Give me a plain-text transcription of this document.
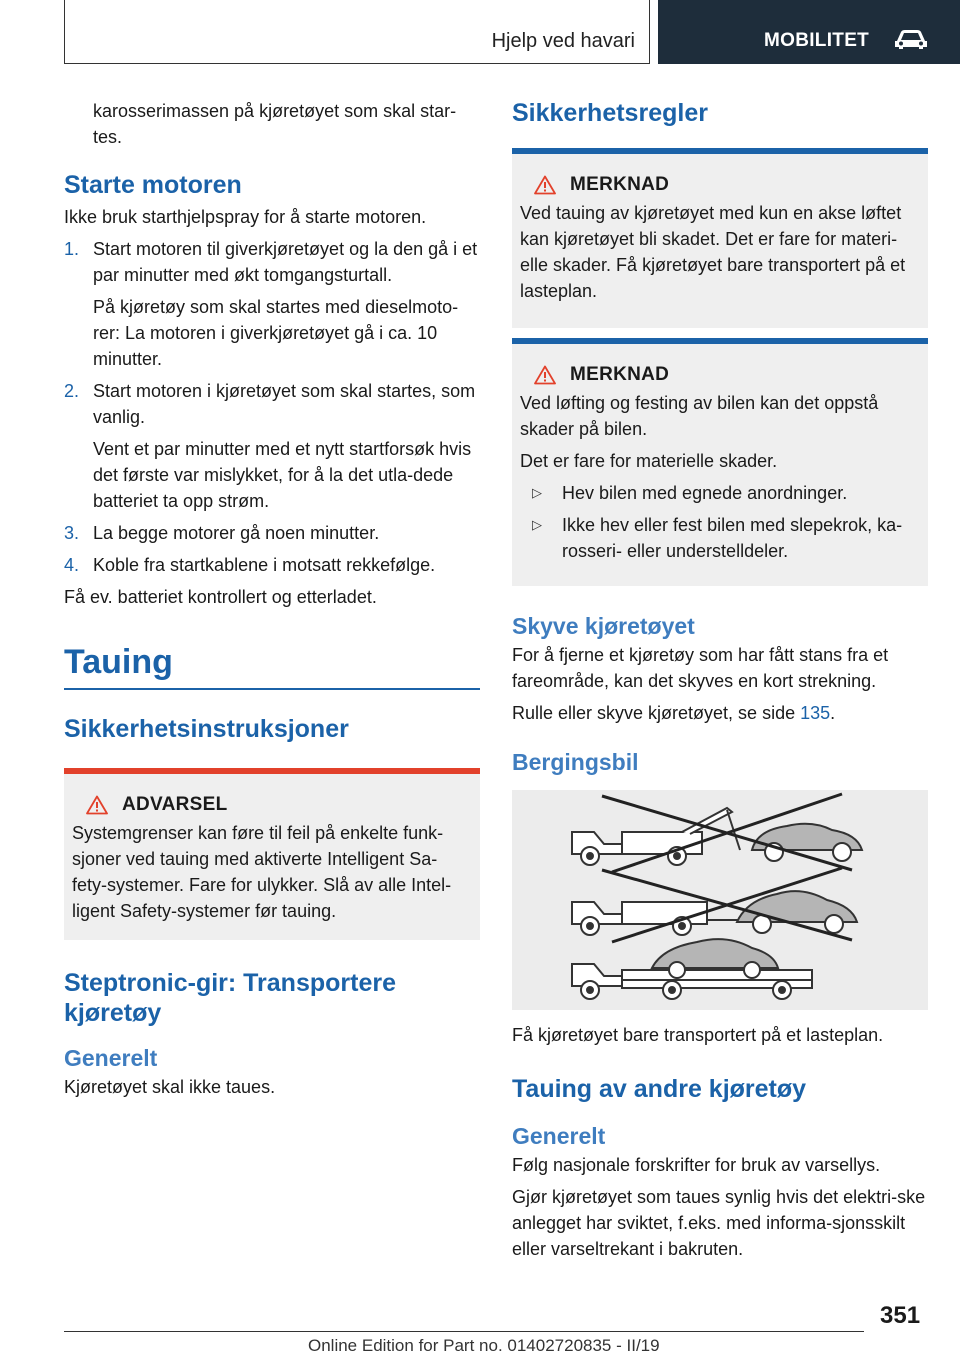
Hjelp ved havari	MOBILITET

karosserimassen på kjøretøyet som skal star-tes.

Starte motoren

Ikke bruk starthjelpspray for å starte motoren.

1. Start motoren til giverkjøretøyet og la den gå i et par minutter med økt tomgangsturtall.

På kjøretøy som skal startes med dieselmoto-rer: La motoren i giverkjøretøyet gå i ca. 10 minutter.

2. Start motoren i kjøretøyet som skal startes, som vanlig.

Vent et par minutter med et nytt startforsøk hvis det første var mislykket, for å la det utla-dede batteriet ta opp strøm.

3. La begge motorer gå noen minutter.

4. Koble fra startkablene i motsatt rekkefølge.

Få ev. batteriet kontrollert og etterladet.

Tauing
Sikkerhetsinstruksjoner
ADVARSEL

Systemgrenser kan føre til feil på enkelte funk-sjoner ved tauing med aktiverte Intelligent Sa-fety-systemer. Fare for ulykker. Slå av alle Intel-ligent Safety-systemer før tauing.

Steptronic-gir: Transportere kjøretøy
Generelt

Kjøretøyet skal ikke taues.

Sikkerhetsregler
MERKNAD

Ved tauing av kjøretøyet med kun en akse løftet kan kjøretøyet bli skadet. Det er fare for materi-elle skader. Få kjøretøyet bare transportert på et lasteplan.

MERKNAD

Ved løfting og festing av bilen kan det oppstå skader på bilen.

Det er fare for materielle skader.

▷ Hev bilen med egnede anordninger.

▷ Ikke hev eller fest bilen med slepekrok, ka-rosseri- eller understelldeler.

Skyve kjøretøyet

For å fjerne et kjøretøy som har fått stans fra et fareområde, kan det skyves en kort strekning.

Rulle eller skyve kjøretøyet, se side 135.

Bergingsbil

Få kjøretøyet bare transportert på et lasteplan.

Tauing av andre kjøretøy
Generelt

Følg nasjonale forskrifter for bruk av varsellys.

Gjør kjøretøyet som taues synlig hvis det elektri-ske anlegget har sviktet, f.eks. med informa-sjonsskilt eller varseltrekant i bakruten.

351
Online Edition for Part no. 01402720835 - II/19
